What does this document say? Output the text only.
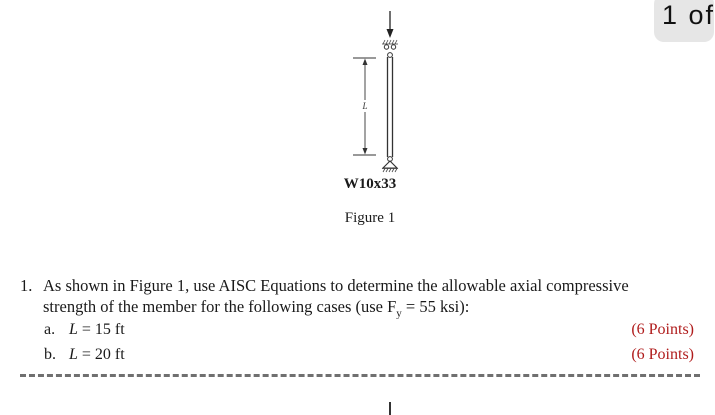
1 of
L
W10x33
Figure 1
1. As shown in Figure 1, use AISC Equations to determine the allowable axial compressive
strength of the member for the following cases (use $F_y = 55$ ksi):
a. L = 15 ft	(6 Points)
b. L = 20 ft	(6 Points)
